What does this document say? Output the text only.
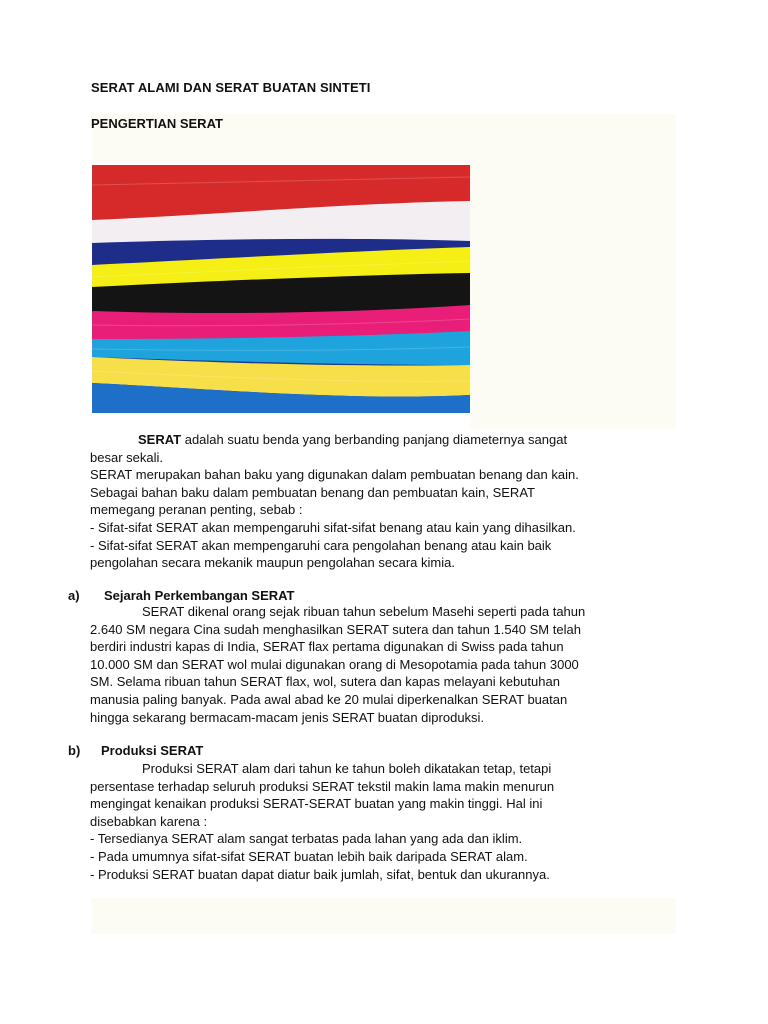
SERAT ALAMI DAN SERAT BUATAN SINTETI
PENGERTIAN SERAT

SERAT adalah suatu benda yang berbanding panjang diameternya sangat

besar sekali.

SERAT merupakan bahan baku yang digunakan dalam pembuatan benang dan kain.

Sebagai bahan baku dalam pembuatan benang dan pembuatan kain, SERAT

memegang peranan penting, sebab :

- Sifat-sifat SERAT akan mempengaruhi sifat-sifat benang atau kain yang dihasilkan.

- Sifat-sifat SERAT akan mempengaruhi cara pengolahan benang atau kain baik

pengolahan secara mekanik maupun pengolahan secara kimia.

a) Sejarah Perkembangan SERAT

SERAT dikenal orang sejak ribuan tahun sebelum Masehi seperti pada tahun

2.640 SM negara Cina sudah menghasilkan SERAT sutera dan tahun 1.540 SM telah

berdiri industri kapas di India, SERAT flax pertama digunakan di Swiss pada tahun

10.000 SM dan SERAT wol mulai digunakan orang di Mesopotamia pada tahun 3000

SM. Selama ribuan tahun SERAT flax, wol, sutera dan kapas melayani kebutuhan

manusia paling banyak. Pada awal abad ke 20 mulai diperkenalkan SERAT buatan

hingga sekarang bermacam-macam jenis SERAT buatan diproduksi.

b) Produksi SERAT

Produksi SERAT alam dari tahun ke tahun boleh dikatakan tetap, tetapi

persentase terhadap seluruh produksi SERAT tekstil makin lama makin menurun

mengingat kenaikan produksi SERAT-SERAT buatan yang makin tinggi. Hal ini

disebabkan karena :

- Tersedianya SERAT alam sangat terbatas pada lahan yang ada dan iklim.

- Pada umumnya sifat-sifat SERAT buatan lebih baik daripada SERAT alam.

- Produksi SERAT buatan dapat diatur baik jumlah, sifat, bentuk dan ukurannya.
